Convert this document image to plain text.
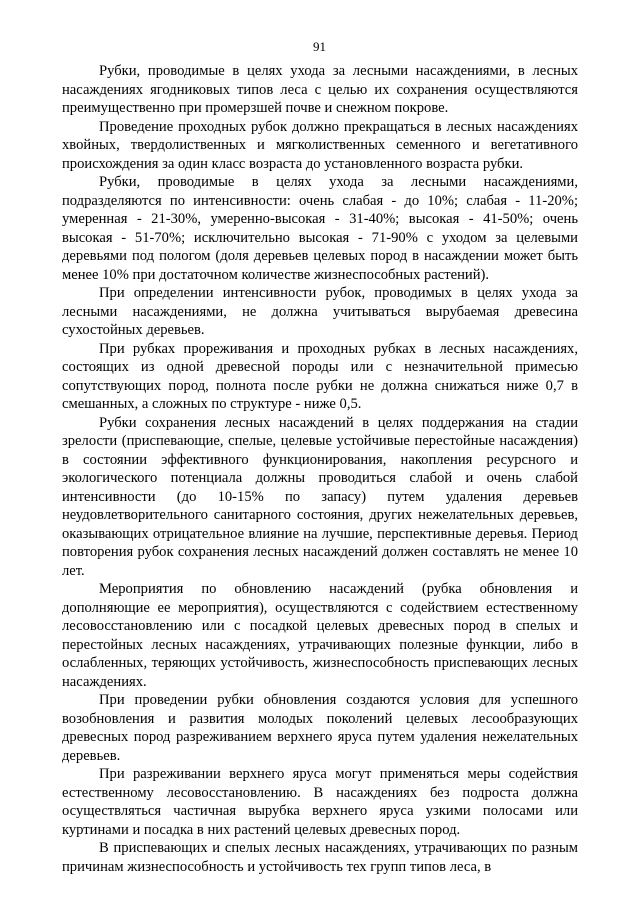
91

Рубки, проводимые в целях ухода за лесными насаждениями, в лесных насаждениях ягодниковых типов леса с целью их сохранения осуществляются преимущественно при промерзшей почве и снежном покрове.

Проведение проходных рубок должно прекращаться в лесных насаждениях хвойных, твердолиственных и мягколиственных семенного и вегетативного происхождения за один класс возраста до установленного возраста рубки.

Рубки, проводимые в целях ухода за лесными насаждениями, подразделяются по интенсивности: очень слабая - до 10%; слабая - 11-20%; умеренная - 21-30%, умеренно-высокая - 31-40%; высокая - 41-50%; очень высокая - 51-70%; исключительно высокая - 71-90% с уходом за целевыми деревьями под пологом (доля деревьев целевых пород в насаждении может быть менее 10% при достаточном количестве жизнеспособных растений).

При определении интенсивности рубок, проводимых в целях ухода за лесными насаждениями, не должна учитываться вырубаемая древесина сухостойных деревьев.

При рубках прореживания и проходных рубках в лесных насаждениях, состоящих из одной древесной породы или с незначительной примесью сопутствующих пород, полнота после рубки не должна снижаться ниже 0,7 в смешанных, а сложных по структуре - ниже 0,5.

Рубки сохранения лесных насаждений в целях поддержания на стадии зрелости (приспевающие, спелые, целевые устойчивые перестойные насаждения) в состоянии эффективного функционирования, накопления ресурсного и экологического потенциала должны проводиться слабой и очень слабой интенсивности (до 10-15% по запасу) путем удаления деревьев неудовлетворительного санитарного состояния, других нежелательных деревьев, оказывающих отрицательное влияние на лучшие, перспективные деревья. Период повторения рубок сохранения лесных насаждений должен составлять не менее 10 лет.

Мероприятия по обновлению насаждений (рубка обновления и дополняющие ее мероприятия), осуществляются с содействием естественному лесовосстановлению или с посадкой целевых древесных пород в спелых и перестойных лесных насаждениях, утрачивающих полезные функции, либо в ослабленных, теряющих устойчивость, жизнеспособность приспевающих лесных насаждениях.

При проведении рубки обновления создаются условия для успешного возобновления и развития молодых поколений целевых лесообразующих древесных пород разреживанием верхнего яруса путем удаления нежелательных деревьев.

При разреживании верхнего яруса могут применяться меры содействия естественному лесовосстановлению. В насаждениях без подроста должна осуществляться частичная вырубка верхнего яруса узкими полосами или куртинами и посадка в них растений целевых древесных пород.

В приспевающих и спелых лесных насаждениях, утрачивающих по разным причинам жизнеспособность и устойчивость тех групп типов леса, в
